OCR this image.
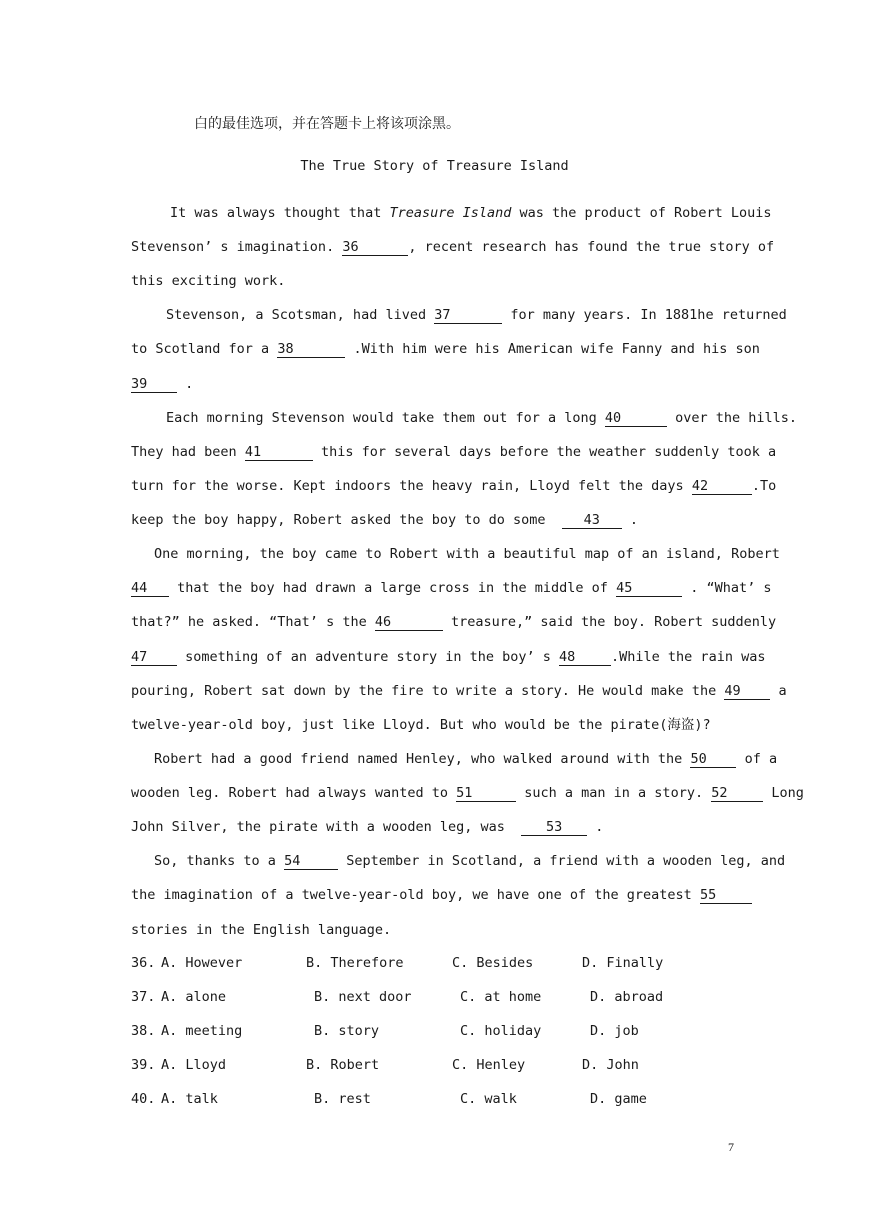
白的最佳选项，并在答题卡上将该项涂黑。
The True Story of Treasure Island
It was always thought that Treasure Island was the product of Robert Louis
Stevenson’ s imagination. 36	, recent research has found the true story of
this exciting work.
Stevenson, a Scotsman, had lived 37	for many years. In 1881he returned
to Scotland for a 38	.With him were his American wife Fanny and his son
39	.
Each morning Stevenson would take them out for a long 40	over the hills.
They had been 41	this for several days before the weather suddenly took a
turn for the worse. Kept indoors the heavy rain, Lloyd felt the days 42	.To
keep the boy happy, Robert asked the boy to do some	43 .
One morning, the boy came to Robert with a beautiful map of an island, Robert
44 that the boy had drawn a large cross in the middle of 45	. “What’ s
that?” he asked. “That’ s the 46	treasure,” said the boy. Robert suddenly
47	something of an adventure story in the boy’ s 48	.While the rain was
pouring, Robert sat down by the fire to write a story. He would make the 49	a
twelve-year-old boy, just like Lloyd. But who would be the pirate(海盗)?
Robert had a good friend named Henley, who walked around with the 50	of a
wooden leg. Robert had always wanted to 51	such a man in a story. 52	Long
John Silver, the pirate with a wooden leg, was	53 .
So, thanks to a 54	September in Scotland, a friend with a wooden leg, and
the imagination of a twelve-year-old boy, we have one of the greatest 55
stories in the English language.
36. A. However	B. Therefore	C. Besides	D. Finally
37. A. alone	B. next door	C. at home	D. abroad
38. A. meeting	B. story	C. holiday	D. job
39. A. Lloyd	B. Robert	C. Henley	D. John
40. A. talk	B. rest	C. walk	D. game
7
